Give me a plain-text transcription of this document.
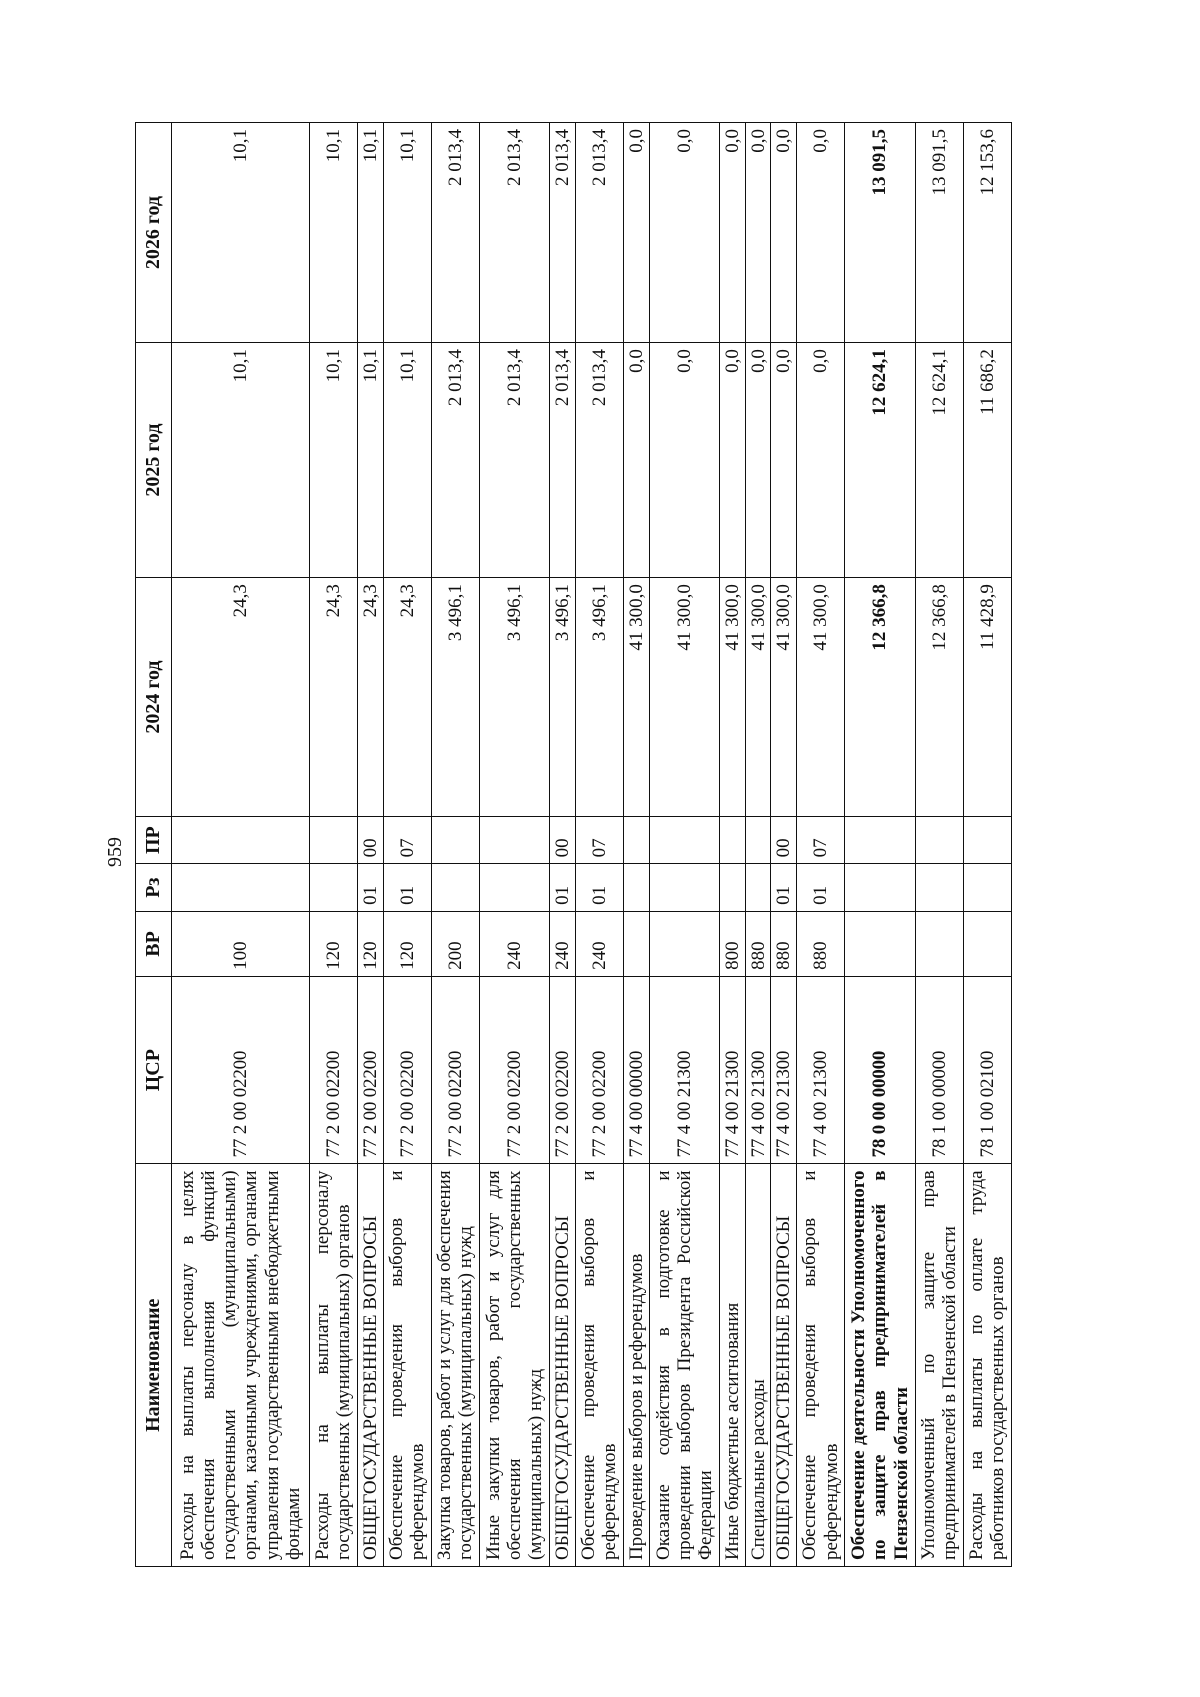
959
Наименование	ЦСР	ВР	Рз	ПР	2024 год	2025 год	2026 год
Расходы на выплаты персоналу в целях обеспечения выполнения функций государственными (муниципальными) органами, казенными учреждениями, органами управления государственными внебюджетными фондами	77 2 00 02200	100			24,3	10,1	10,1
Расходы на выплаты персоналу государственных (муниципальных) органов	77 2 00 02200	120			24,3	10,1	10,1
ОБЩЕГОСУДАРСТВЕННЫЕ ВОПРОСЫ	77 2 00 02200	120	01	00	24,3	10,1	10,1
Обеспечение проведения выборов и референдумов	77 2 00 02200	120	01	07	24,3	10,1	10,1
Закупка товаров, работ и услуг для обеспечения государственных (муниципальных) нужд	77 2 00 02200	200			3 496,1	2 013,4	2 013,4
Иные закупки товаров, работ и услуг для обеспечения государственных (муниципальных) нужд	77 2 00 02200	240			3 496,1	2 013,4	2 013,4
ОБЩЕГОСУДАРСТВЕННЫЕ ВОПРОСЫ	77 2 00 02200	240	01	00	3 496,1	2 013,4	2 013,4
Обеспечение проведения выборов и референдумов	77 2 00 02200	240	01	07	3 496,1	2 013,4	2 013,4
Проведение выборов и референдумов	77 4 00 00000				41 300,0	0,0	0,0
Оказание содействия в подготовке и проведении выборов Президента Российской Федерации	77 4 00 21300				41 300,0	0,0	0,0
Иные бюджетные ассигнования	77 4 00 21300	800			41 300,0	0,0	0,0
Специальные расходы	77 4 00 21300	880			41 300,0	0,0	0,0
ОБЩЕГОСУДАРСТВЕННЫЕ ВОПРОСЫ	77 4 00 21300	880	01	00	41 300,0	0,0	0,0
Обеспечение проведения выборов и референдумов	77 4 00 21300	880	01	07	41 300,0	0,0	0,0
Обеспечение деятельности Уполномоченного по защите прав предпринимателей в Пензенской области	78 0 00 00000				12 366,8	12 624,1	13 091,5
Уполномоченный по защите прав предпринимателей в Пензенской области	78 1 00 00000				12 366,8	12 624,1	13 091,5
Расходы на выплаты по оплате труда работников государственных органов	78 1 00 02100				11 428,9	11 686,2	12 153,6
